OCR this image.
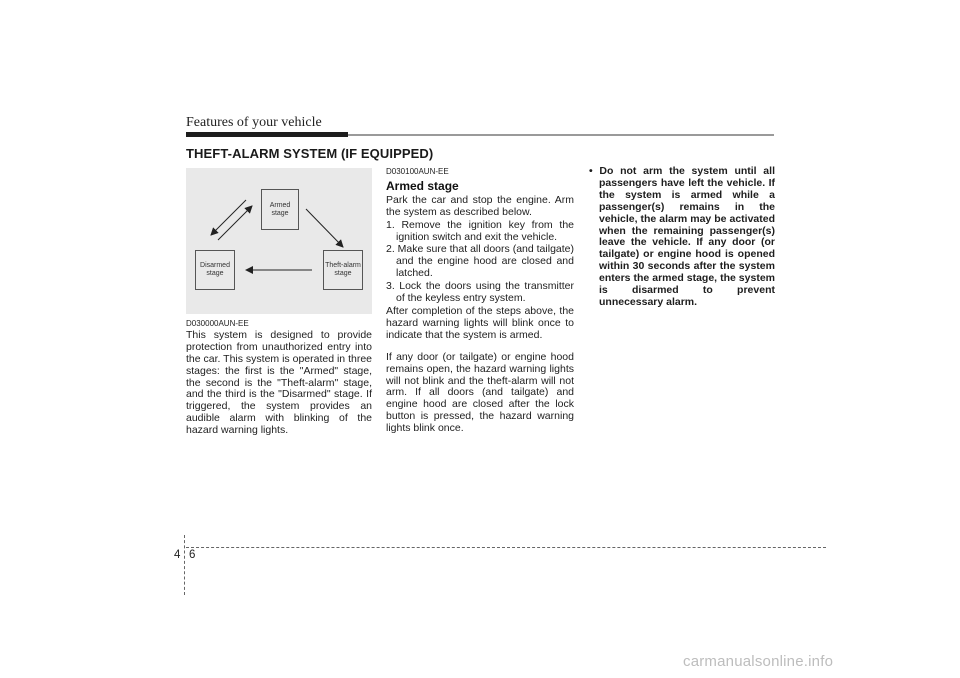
Features of your vehicle
THEFT-ALARM SYSTEM (IF EQUIPPED)
Armed
stage
Disarmed
stage
Theft-alarm
stage
D030000AUN-EE

This system is designed to provide protection from unauthorized entry into the car. This system is operated in three stages: the first is the "Armed" stage, the second is the "Theft-alarm" stage, and the third is the "Disarmed" stage. If triggered, the system provides an audible alarm with blinking of the hazard warning lights.

D030100AUN-EE
Armed stage

Park the car and stop the engine. Arm the system as described below.

1. Remove the ignition key from the ignition switch and exit the vehicle.
2. Make sure that all doors (and tailgate) and the engine hood are closed and latched.
3. Lock the doors using the transmitter of the keyless entry system.

After completion of the steps above, the hazard warning lights will blink once to indicate that the system is armed.

If any door (or tailgate) or engine hood remains open, the hazard warning lights will not blink and the theft-alarm will not arm. If all doors (and tailgate) and engine hood are closed after the lock button is pressed, the hazard warning lights blink once.

• Do not arm the system until all passengers have left the vehicle. If the system is armed while a passenger(s) remains in the vehicle, the alarm may be activated when the remaining passenger(s) leave the vehicle. If any door (or tailgate) or engine hood is opened within 30 seconds after the system enters the armed stage, the system is disarmed to prevent unnecessary alarm.
4 6
carmanualsonline.info
